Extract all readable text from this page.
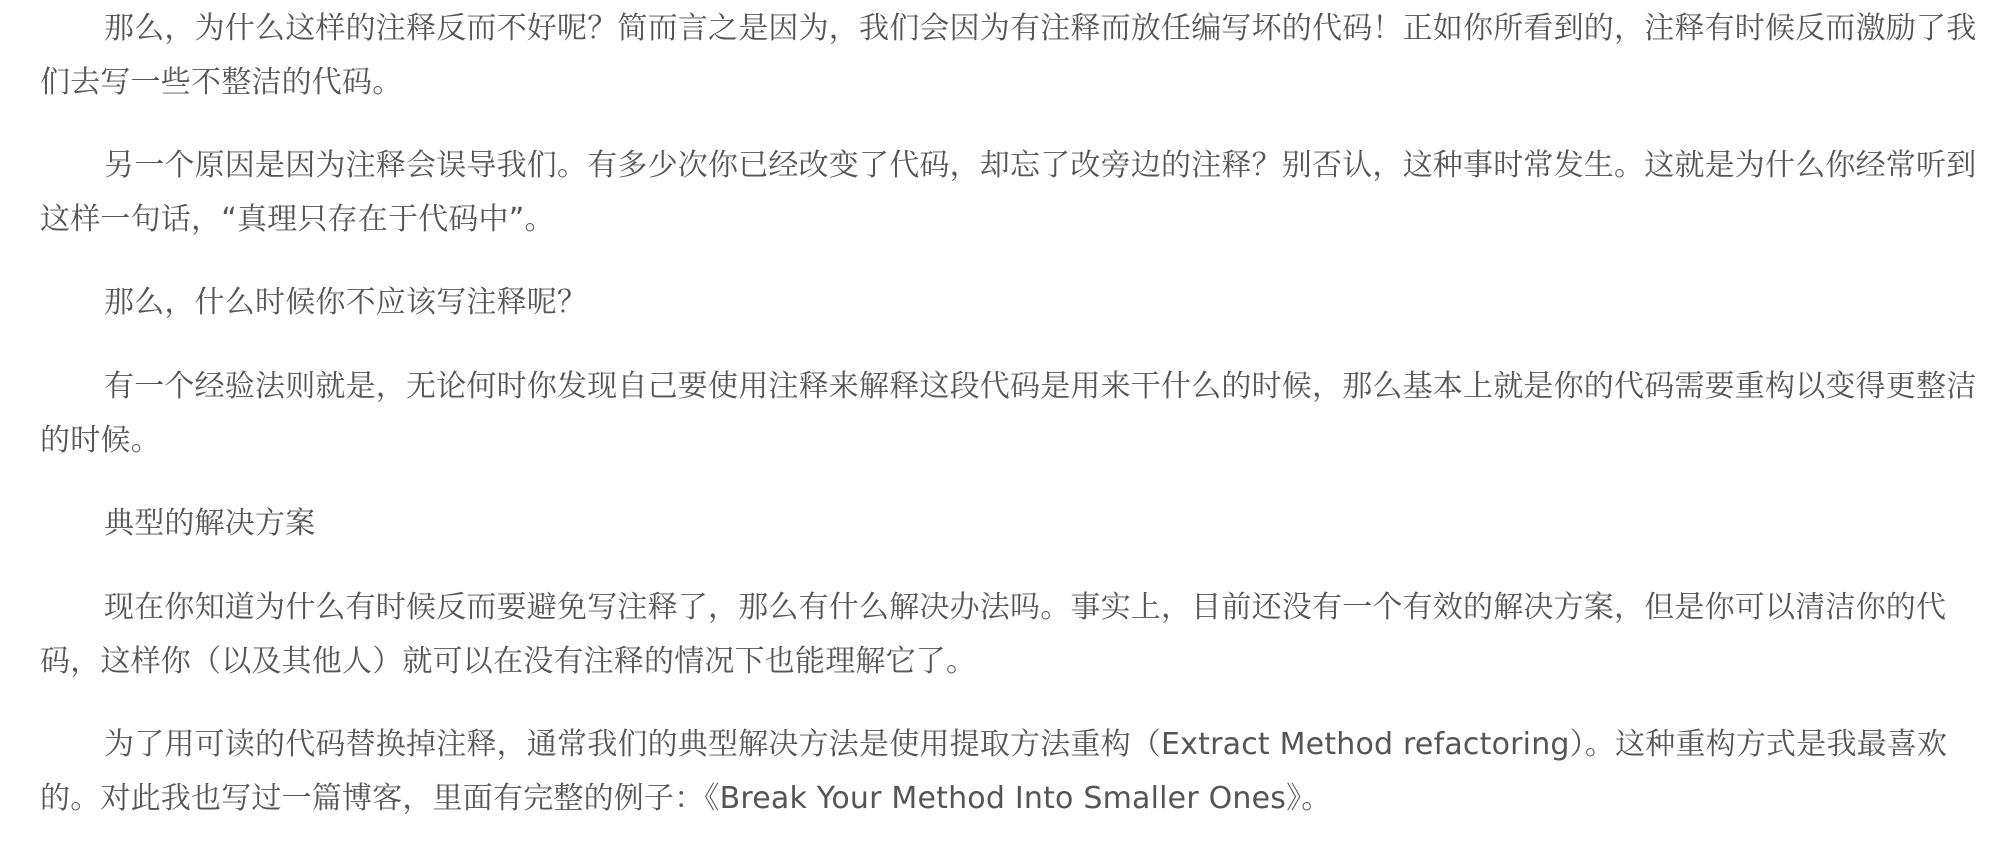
那么，为什么这样的注释反而不好呢？简而言之是因为，我们会因为有注释而放任编写坏的代码！正如你所看到的，注释有时候反而激励了我们去写一些不整洁的代码。

另一个原因是因为注释会误导我们。有多少次你已经改变了代码，却忘了改旁边的注释？别否认，这种事时常发生。这就是为什么你经常听到这样一句话，“真理只存在于代码中”。

那么，什么时候你不应该写注释呢？

有一个经验法则就是，无论何时你发现自己要使用注释来解释这段代码是用来干什么的时候，那么基本上就是你的代码需要重构以变得更整洁的时候。

典型的解决方案

现在你知道为什么有时候反而要避免写注释了，那么有什么解决办法吗。事实上，目前还没有一个有效的解决方案，但是你可以清洁你的代码，这样你（以及其他人）就可以在没有注释的情况下也能理解它了。

为了用可读的代码替换掉注释，通常我们的典型解决方法是使用提取方法重构（Extract Method refactoring）。这种重构方式是我最喜欢的。对此我也写过一篇博客，里面有完整的例子：《Break Your Method Into Smaller Ones》。
